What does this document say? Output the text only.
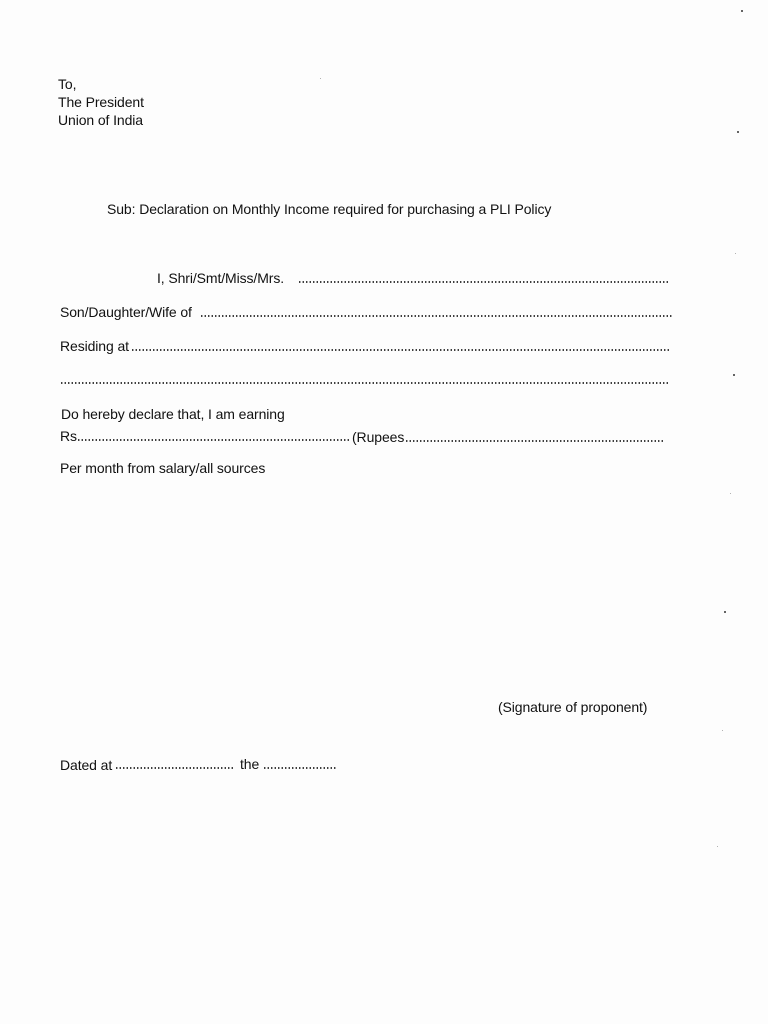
To,
The President
Union of India
Sub: Declaration on Monthly Income required for purchasing a PLI Policy
I, Shri/Smt/Miss/Mrs.
Son/Daughter/Wife of
Residing at
Do hereby declare that, I am earning
Rs	(Rupees
Per month from salary/all sources
(Signature of proponent)
Dated at	the
